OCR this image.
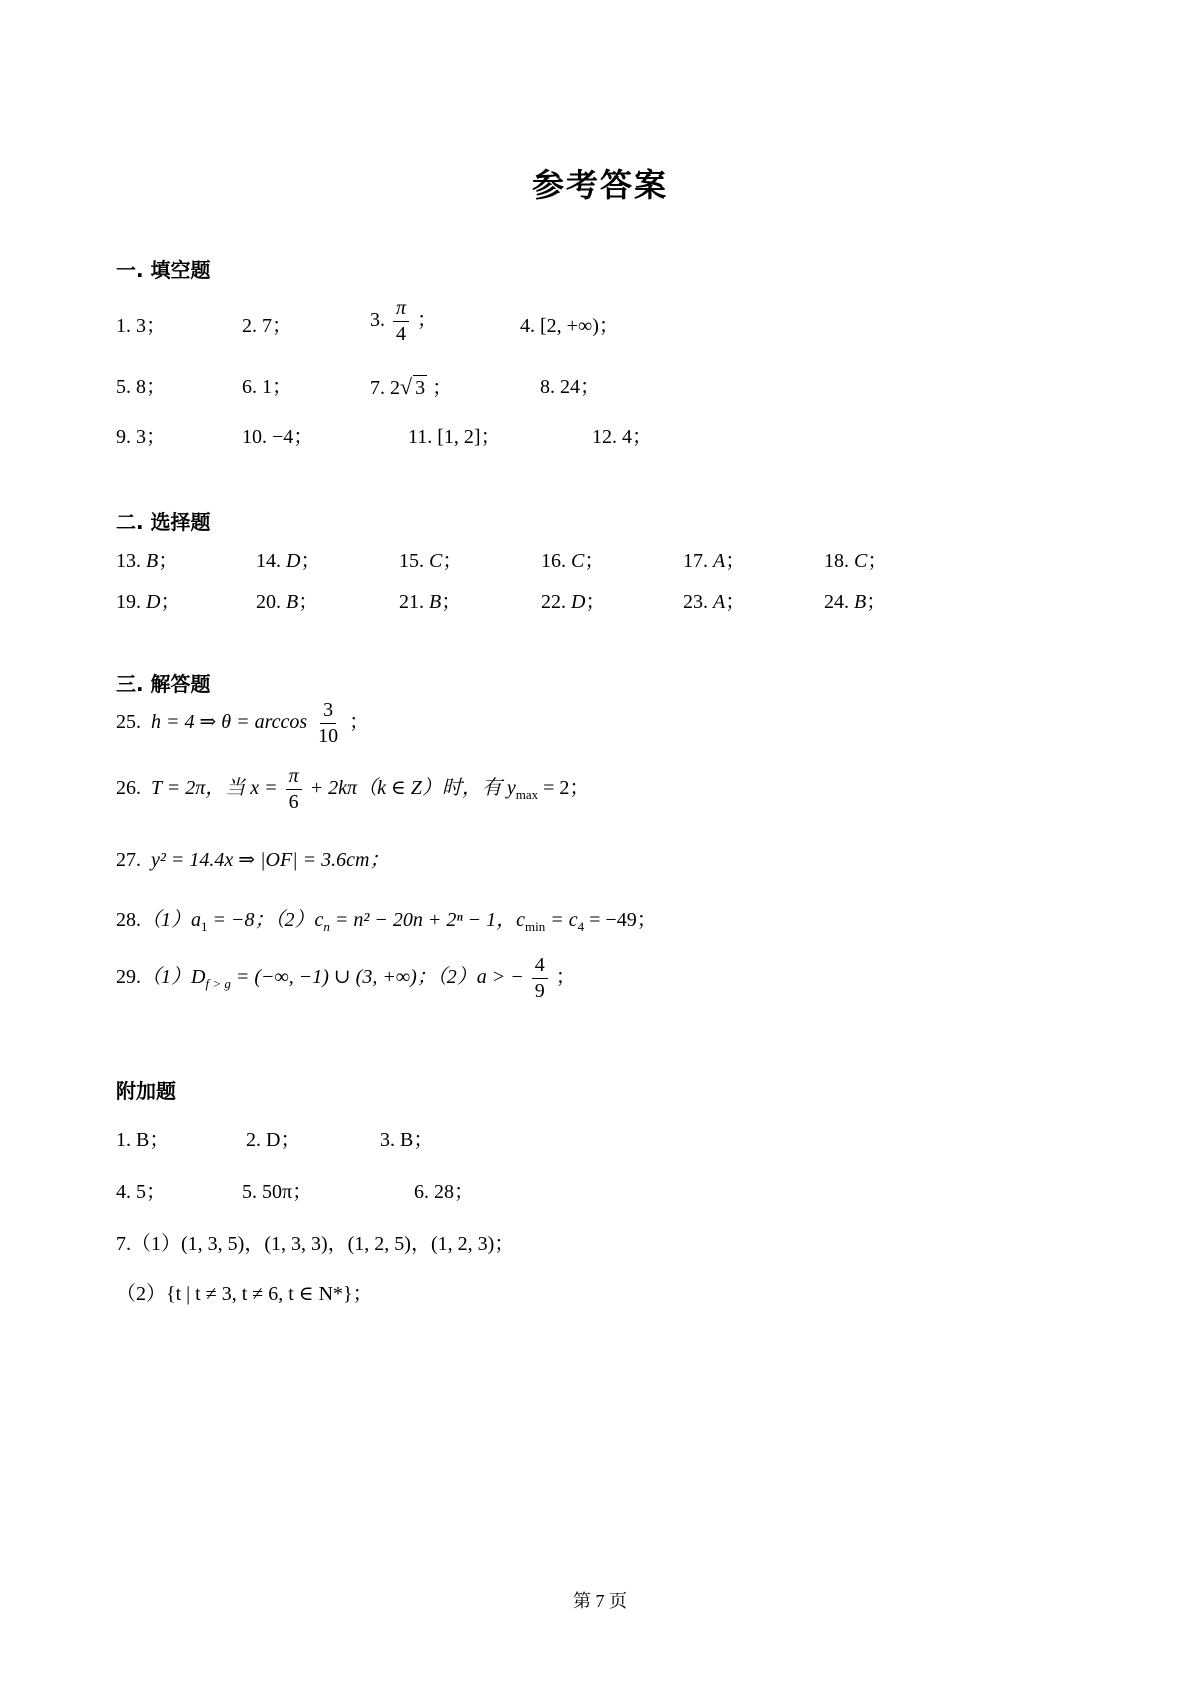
参考答案
一. 填空题
1. 3；	2. 7；	3. $\frac{\pi}{4}$ ；	4. [2, +∞)；
5. 8；	6. 1；	7. 2√ 3 ；	8. 24；
9. 3；	10. −4；	11. [1, 2]；	12. 4；
二. 选择题
13. B；	14. D；	15. C；	16. C；	17. A；	18. C；
19. D；	20. B；	21. B；	22. D；	23. A；	24. B；
三. 解答题
25. h = 4 ⇒ $\theta = \arccos \frac{3}{10}$ ；
26. T = 2π，当 $x = \frac{\pi}{6} + 2k\pi(k$ ∈ Z）时，有 $y_{max} = 2$；
27. y² = 14.4x ⇒ |OF| = 3.6cm；
$28.(1)a_1 = -8$；$(2)c_n = n^2 - 20n + 2^n - 1$，$c_{min} = c_4 = -49$；
$29.(1)D_{f > g}$ = (−∞, −1) ∪ (3, +∞)；（2）a > − $\frac{4}{9}$ ；
附加题
1. B；	2. D；	3. B；
4. 5；	5. 50π；	6. 28；
7.（1）(1, 3, 5)，(1, 3, 3)，(1, 2, 5)，(1, 2, 3)；
（2）{t | t ≠ 3, t ≠ 6, t ∈ N*}；
第 7 页
